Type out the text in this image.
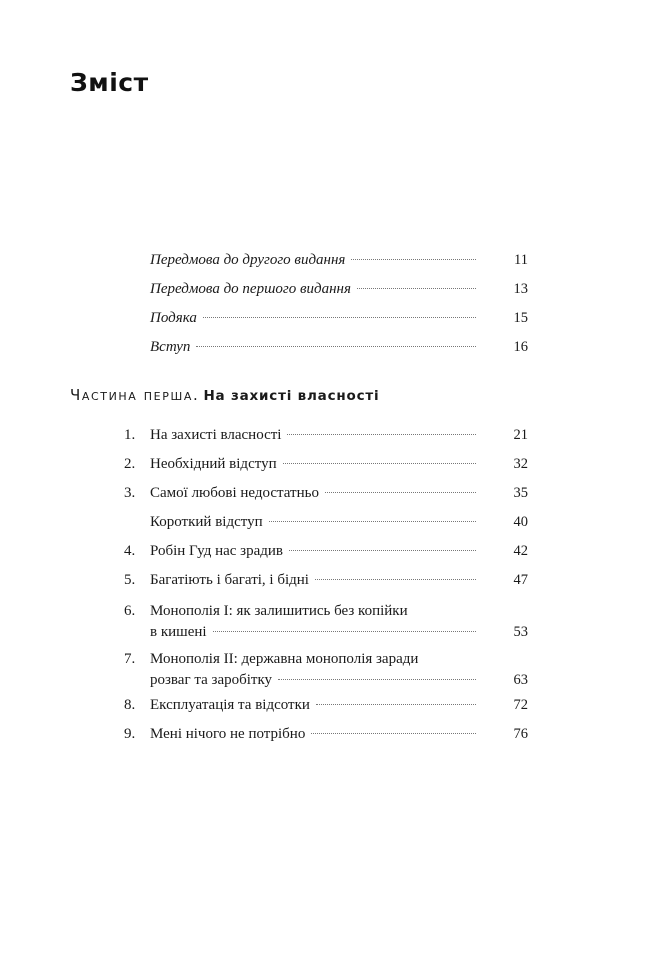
Зміст
Передмова до другого видання	11
Передмова до першого видання	13
Подяка	15
Вступ	16
Частина перша. На захисті власності
1. На захисті власності	21
2. Необхідний відступ	32
3. Самої любові недостатньо	35
Короткий відступ	40
4. Робін Гуд нас зрадив	42
5. Багатіють і багаті, і бідні	47
6. Монополія I: як залишитись без копійки
в кишені	53
7. Монополія II: державна монополія заради
розваг та заробітку	63
8. Експлуатація та відсотки	72
9. Мені нічого не потрібно	76
